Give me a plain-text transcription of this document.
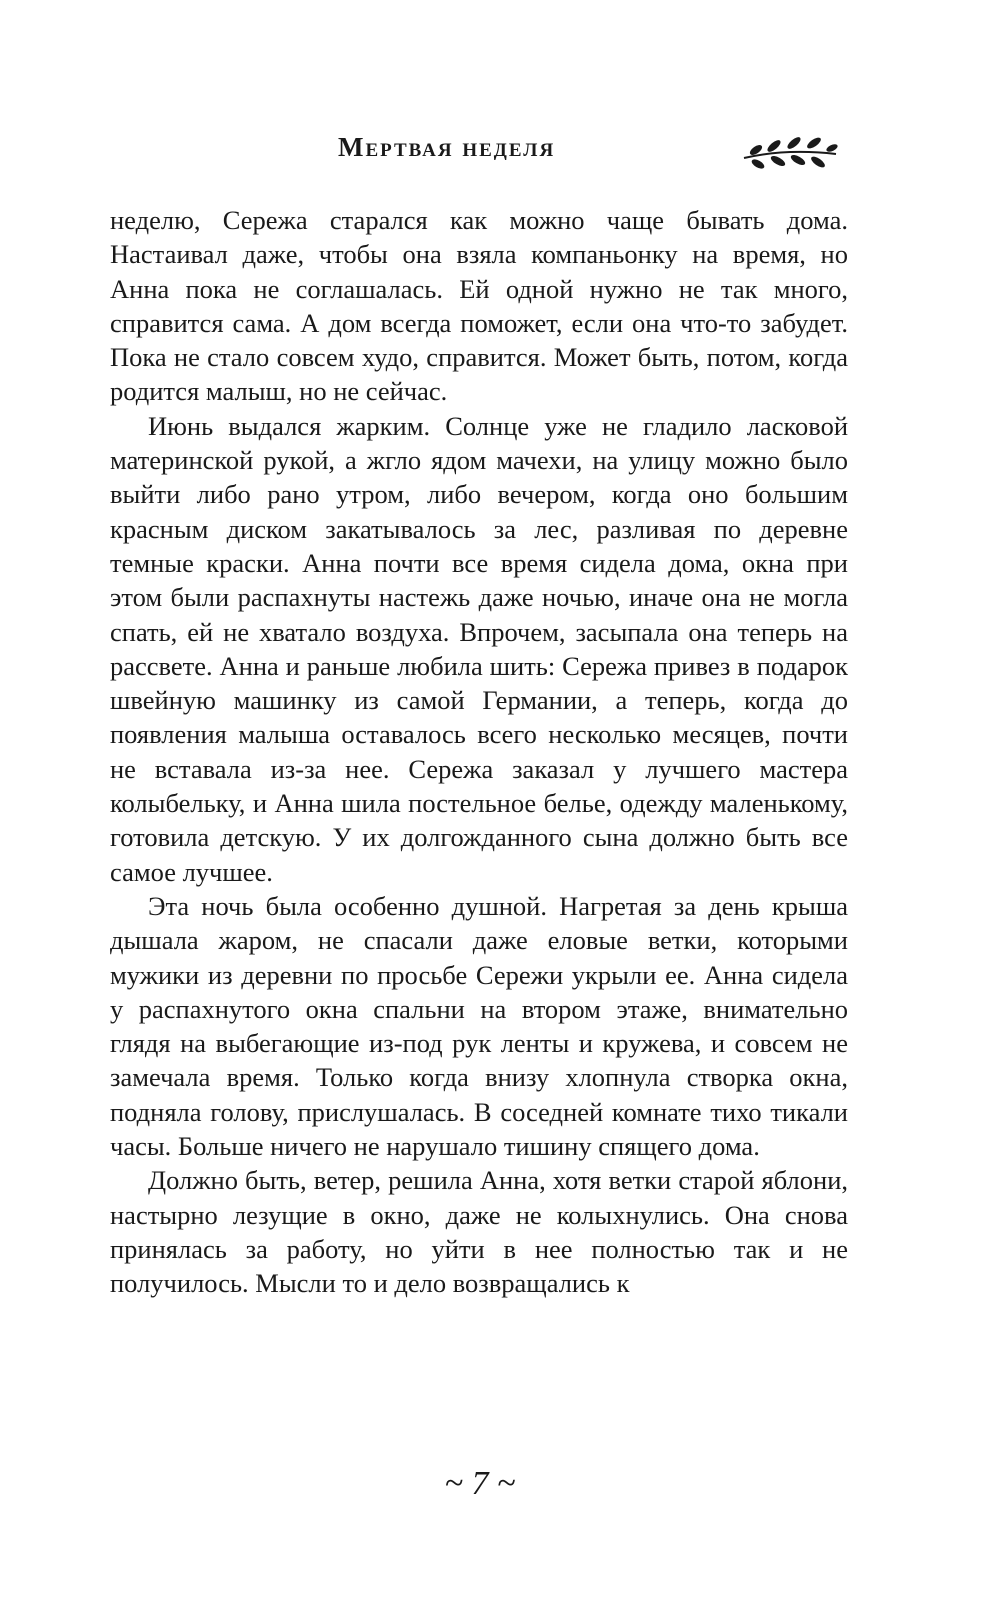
Мертвая неделя

неделю, Сережа старался как можно чаще бывать дома. Настаивал даже, чтобы она взяла компаньонку на время, но Анна пока не соглашалась. Ей одной нужно не так много, справится сама. А дом всегда поможет, если она что-то забудет. Пока не стало совсем худо, справится. Может быть, потом, когда родится малыш, но не сейчас.

Июнь выдался жарким. Солнце уже не гладило ласковой материнской рукой, а жгло ядом мачехи, на улицу можно было выйти либо рано утром, либо вечером, когда оно большим красным диском закатывалось за лес, разливая по деревне темные краски. Анна почти все время сидела дома, окна при этом были распахнуты настежь даже ночью, иначе она не могла спать, ей не хватало воздуха. Впрочем, засыпала она теперь на рассвете. Анна и раньше любила шить: Сережа привез в подарок швейную машинку из самой Германии, а теперь, когда до появления малыша оставалось всего несколько месяцев, почти не вставала из-за нее. Сережа заказал у лучшего мастера колыбельку, и Анна шила постельное белье, одежду маленькому, готовила детскую. У их долгожданного сына должно быть все самое лучшее.

Эта ночь была особенно душной. Нагретая за день крыша дышала жаром, не спасали даже еловые ветки, которыми мужики из деревни по просьбе Сережи укрыли ее. Анна сидела у распахнутого окна спальни на втором этаже, внимательно глядя на выбегающие из-под рук ленты и кружева, и совсем не замечала время. Только когда внизу хлопнула створка окна, подняла голову, прислушалась. В соседней комнате тихо тикали часы. Больше ничего не нарушало тишину спящего дома.

Должно быть, ветер, решила Анна, хотя ветки старой яблони, настырно лезущие в окно, даже не колыхнулись. Она снова принялась за работу, но уйти в нее полностью так и не получилось. Мысли то и дело возвращались к

~ 7 ~
